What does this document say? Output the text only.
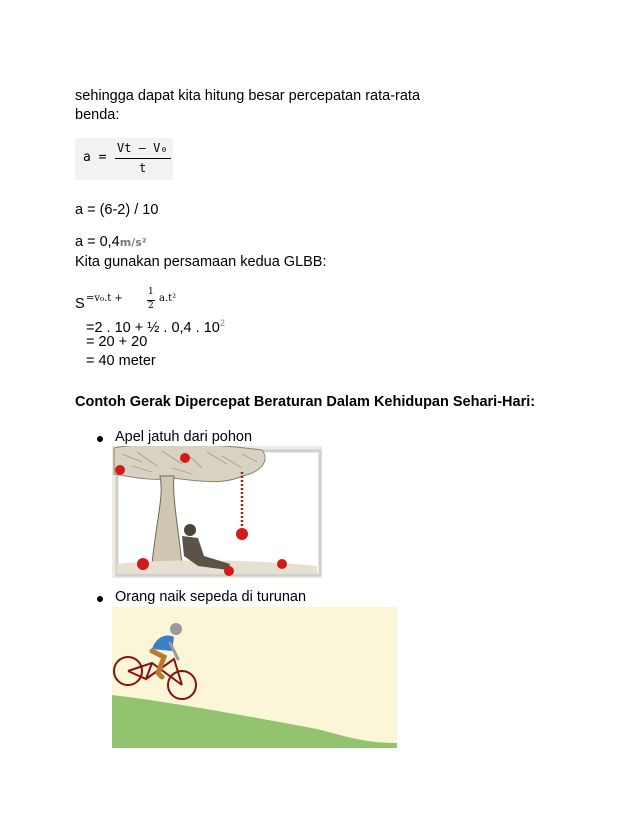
sehingga dapat kita hitung besar percepatan rata-rata
benda:
a =
Vt – V₀
t
a = (6-2) / 10
a = 0,4m/s²
Kita gunakan persamaan kedua GLBB:
S =v₀.t +
1
2
a.t²
=2 . 10 + ½ . 0,4 . $10^2$
= 20 + 20
= 40 meter
Contoh Gerak Dipercepat Beraturan Dalam Kehidupan Sehari-Hari:
Apel jatuh dari pohon
Orang naik sepeda di turunan
